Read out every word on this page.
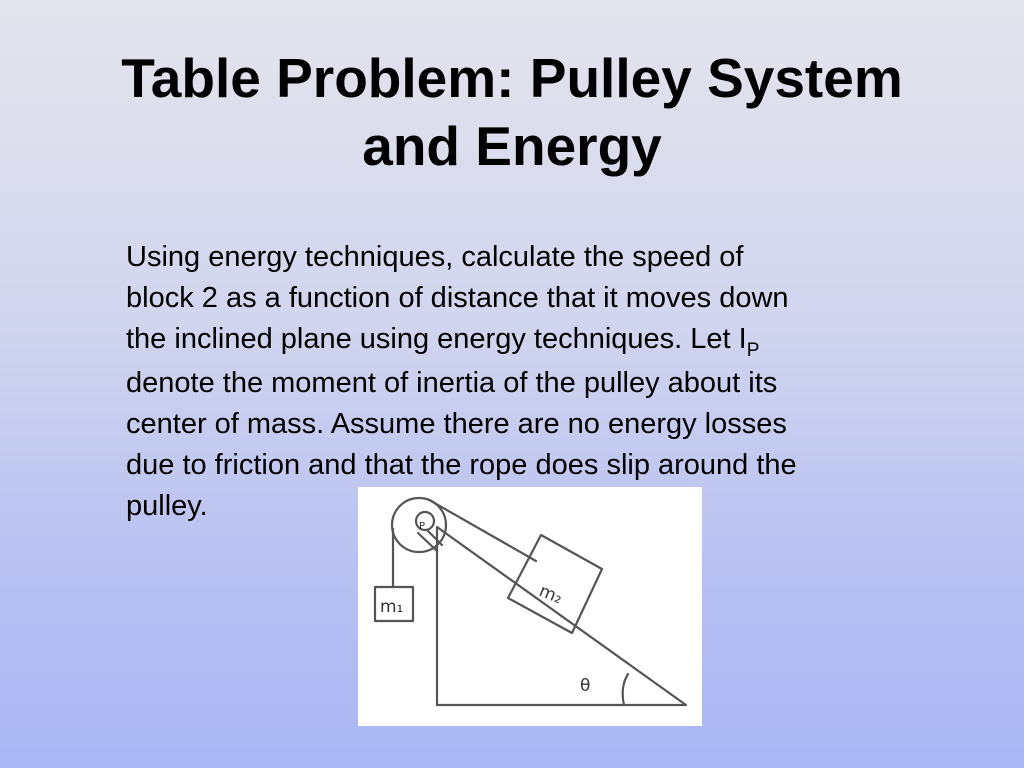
Table Problem: Pulley System
and Energy
Using energy techniques, calculate the speed of
block 2 as a function of distance that it moves down
the inclined plane using energy techniques. Let $I_P$
denote the moment of inertia of the pulley about its
center of mass. Assume there are no energy losses
due to friction and that the rope does slip around the
pulley.
m₁	m₂
θ
P
